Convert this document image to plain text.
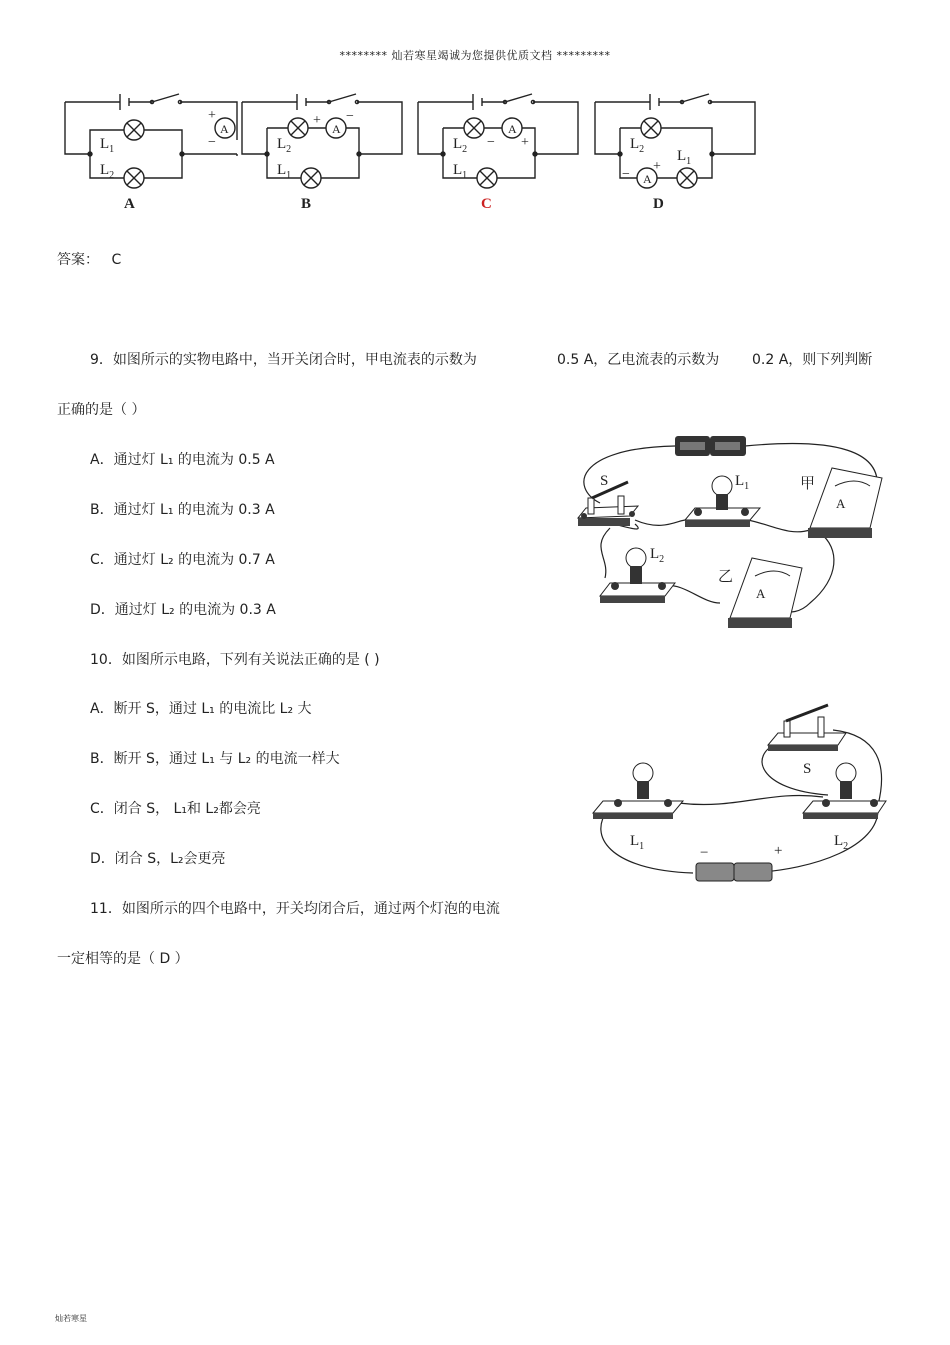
******** 灿若寒星竭诚为您提供优质文档 *********
$L_1$
$L_2$
A
+
−	$L_2$
$L_1$
A
+ −
$L_2$
$L_1$
A
− +	$L_2$ $L_1$
A
−
+
A	B	C	D
答案： C
9．如图所示的实物电路中，当开关闭合时，甲电流表的示数为	0.5 A，乙电流表的示数为 0.2 A，则下列判断
正确的是（ ）
A．通过灯 L₁ 的电流为 0.5 A
B．通过灯 L₁ 的电流为 0.3 A
C．通过灯 L₂ 的电流为 0.7 A
D．通过灯 L₂ 的电流为 0.3 A
S	$L_1$
$L_2$
甲
乙
A
A
10．如图所示电路，下列有关说法正确的是 ( )
A．断开 S，通过 L₁ 的电流比 L₂ 大
B．断开 S，通过 L₁ 与 L₂ 的电流一样大
C．闭合 S， L₁和 L₂都会亮
D．闭合 S，L₂会更亮
S
$L_1$	$L_2$
−	+
11．如图所示的四个电路中，开关均闭合后，通过两个灯泡的电流
一定相等的是（ D ）
灿若寒星
